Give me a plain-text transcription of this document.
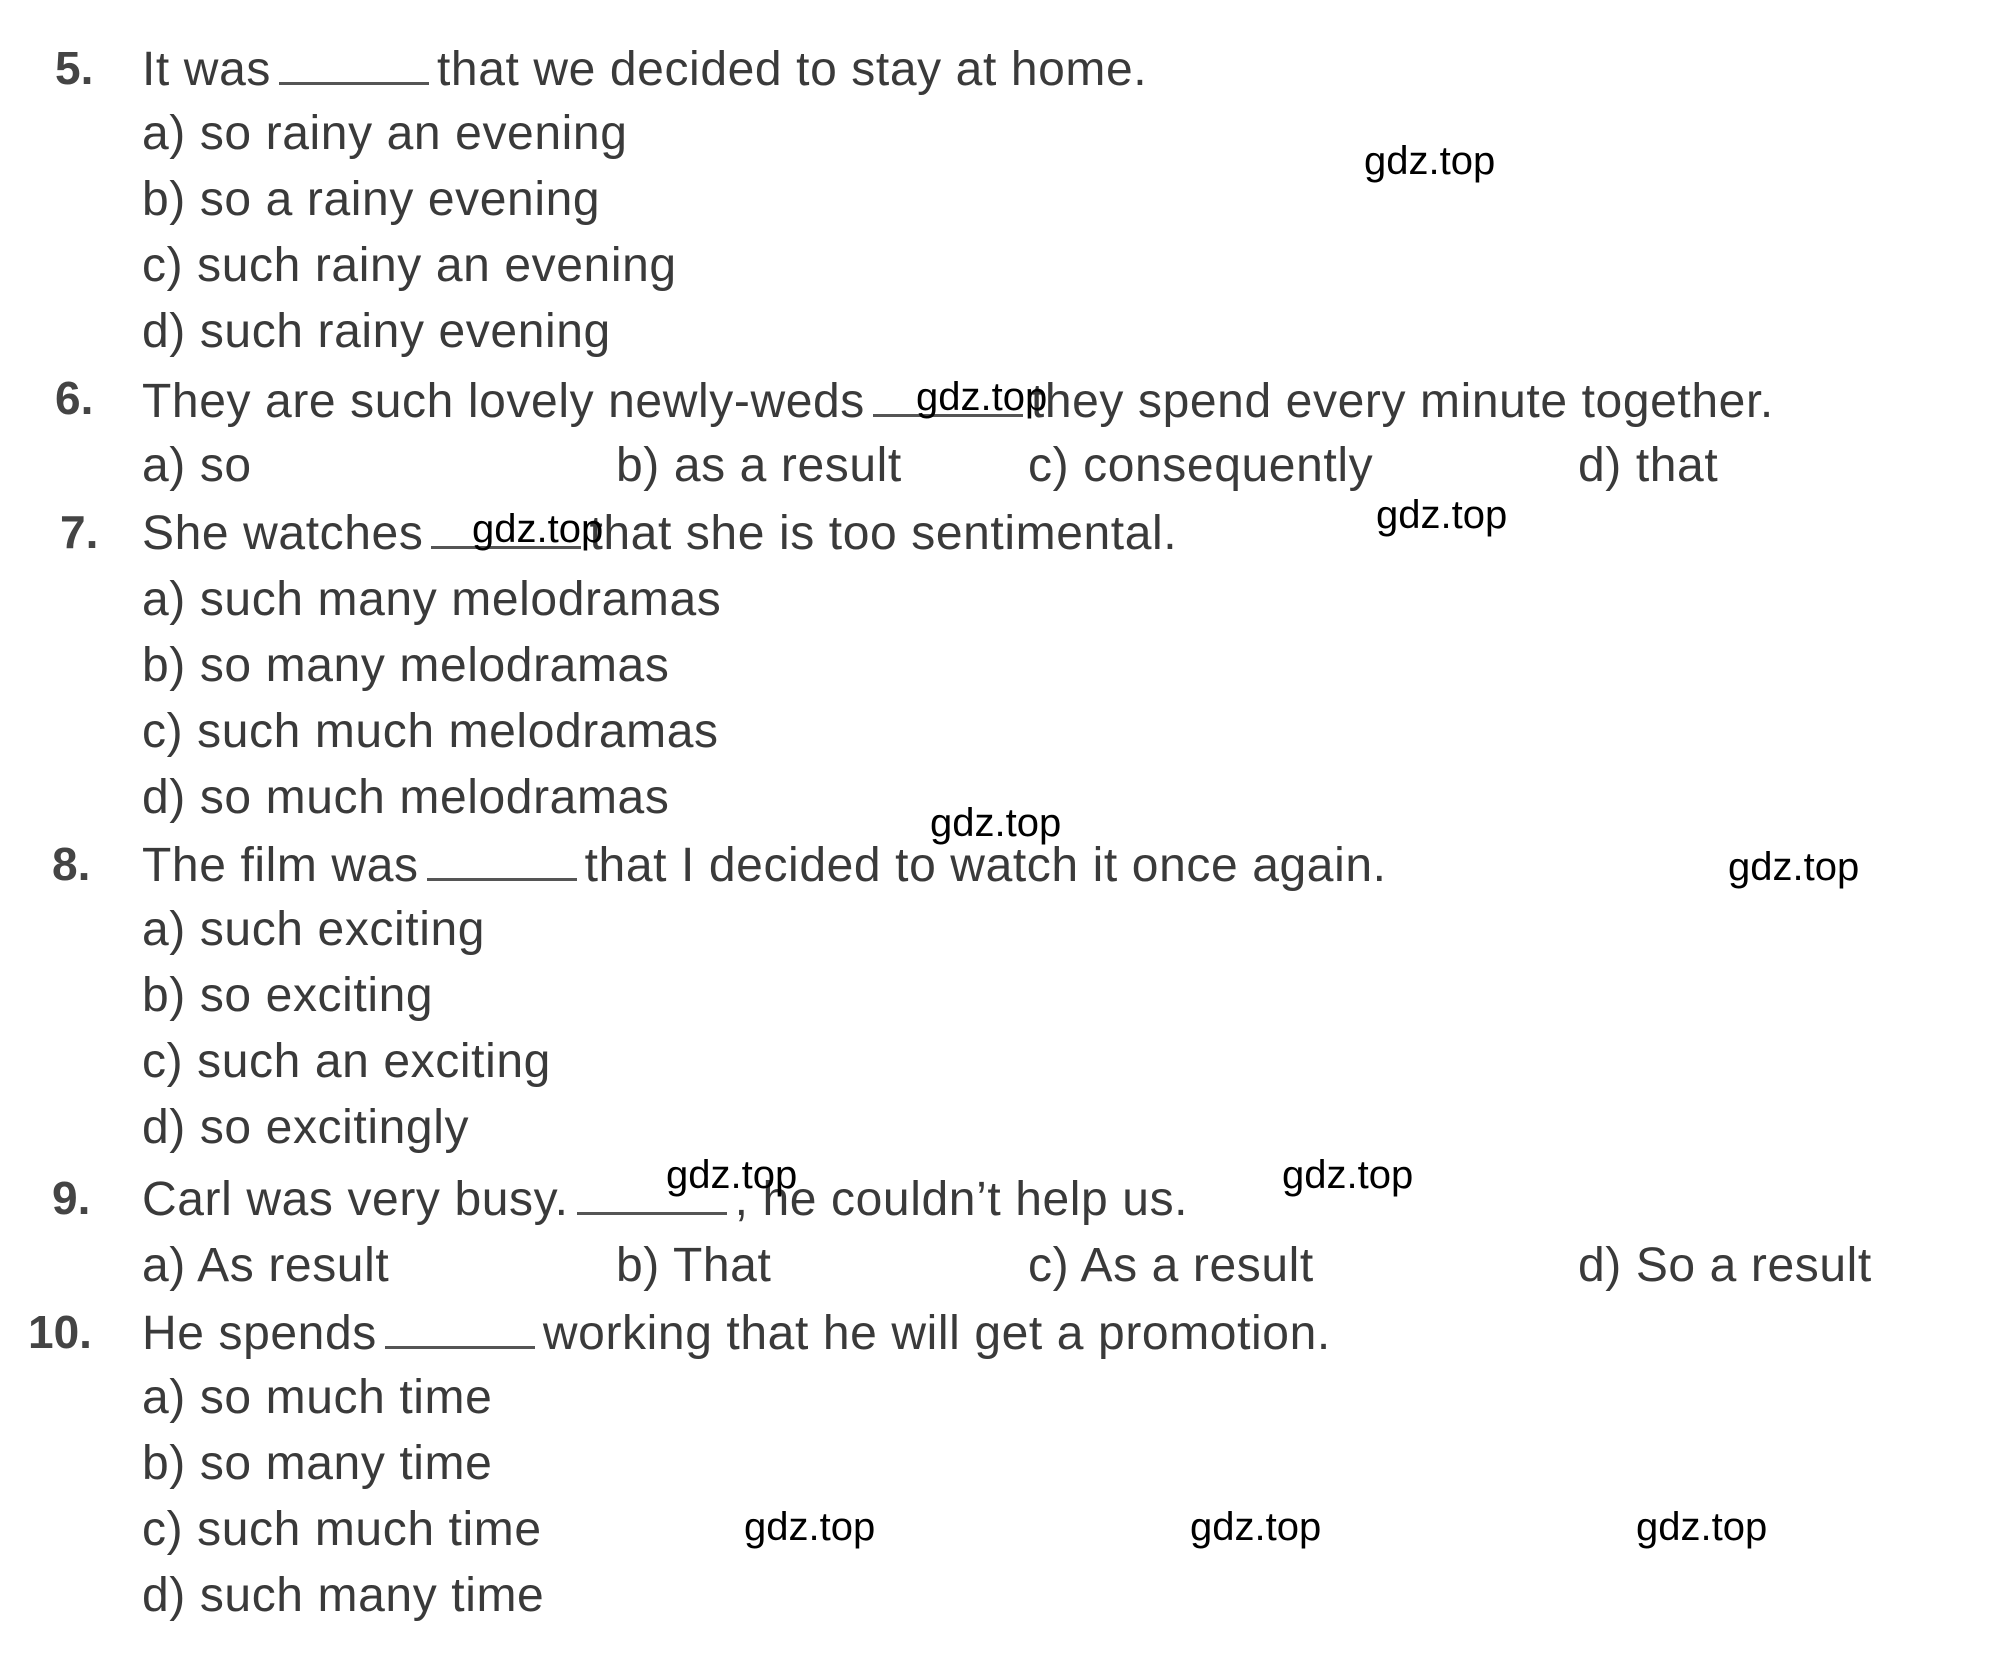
5. It was	that we decided to stay at home.
a) so rainy an evening
b) so a rainy evening
c) such rainy an evening
d) such rainy evening
6. They are such lovely newly-weds	they spend every minute together.
a) so	b) as a result	c) consequently	d) that
7. She watches	that she is too sentimental.
a) such many melodramas
b) so many melodramas
c) such much melodramas
d) so much melodramas
8. The film was	that I decided to watch it once again.
a) such exciting
b) so exciting
c) such an exciting
d) so excitingly
9. Carl was very busy.	, he couldn’t help us.
a) As result	b) That	c) As a result	d) So a result
10. He spends	working that he will get a promotion.
a) so much time
b) so many time
c) such much time
d) such many time
gdz.top
gdz.top
gdz.top	gdz.top
gdz.top
gdz.top
gdz.top	gdz.top
gdz.top	gdz.top	gdz.top
